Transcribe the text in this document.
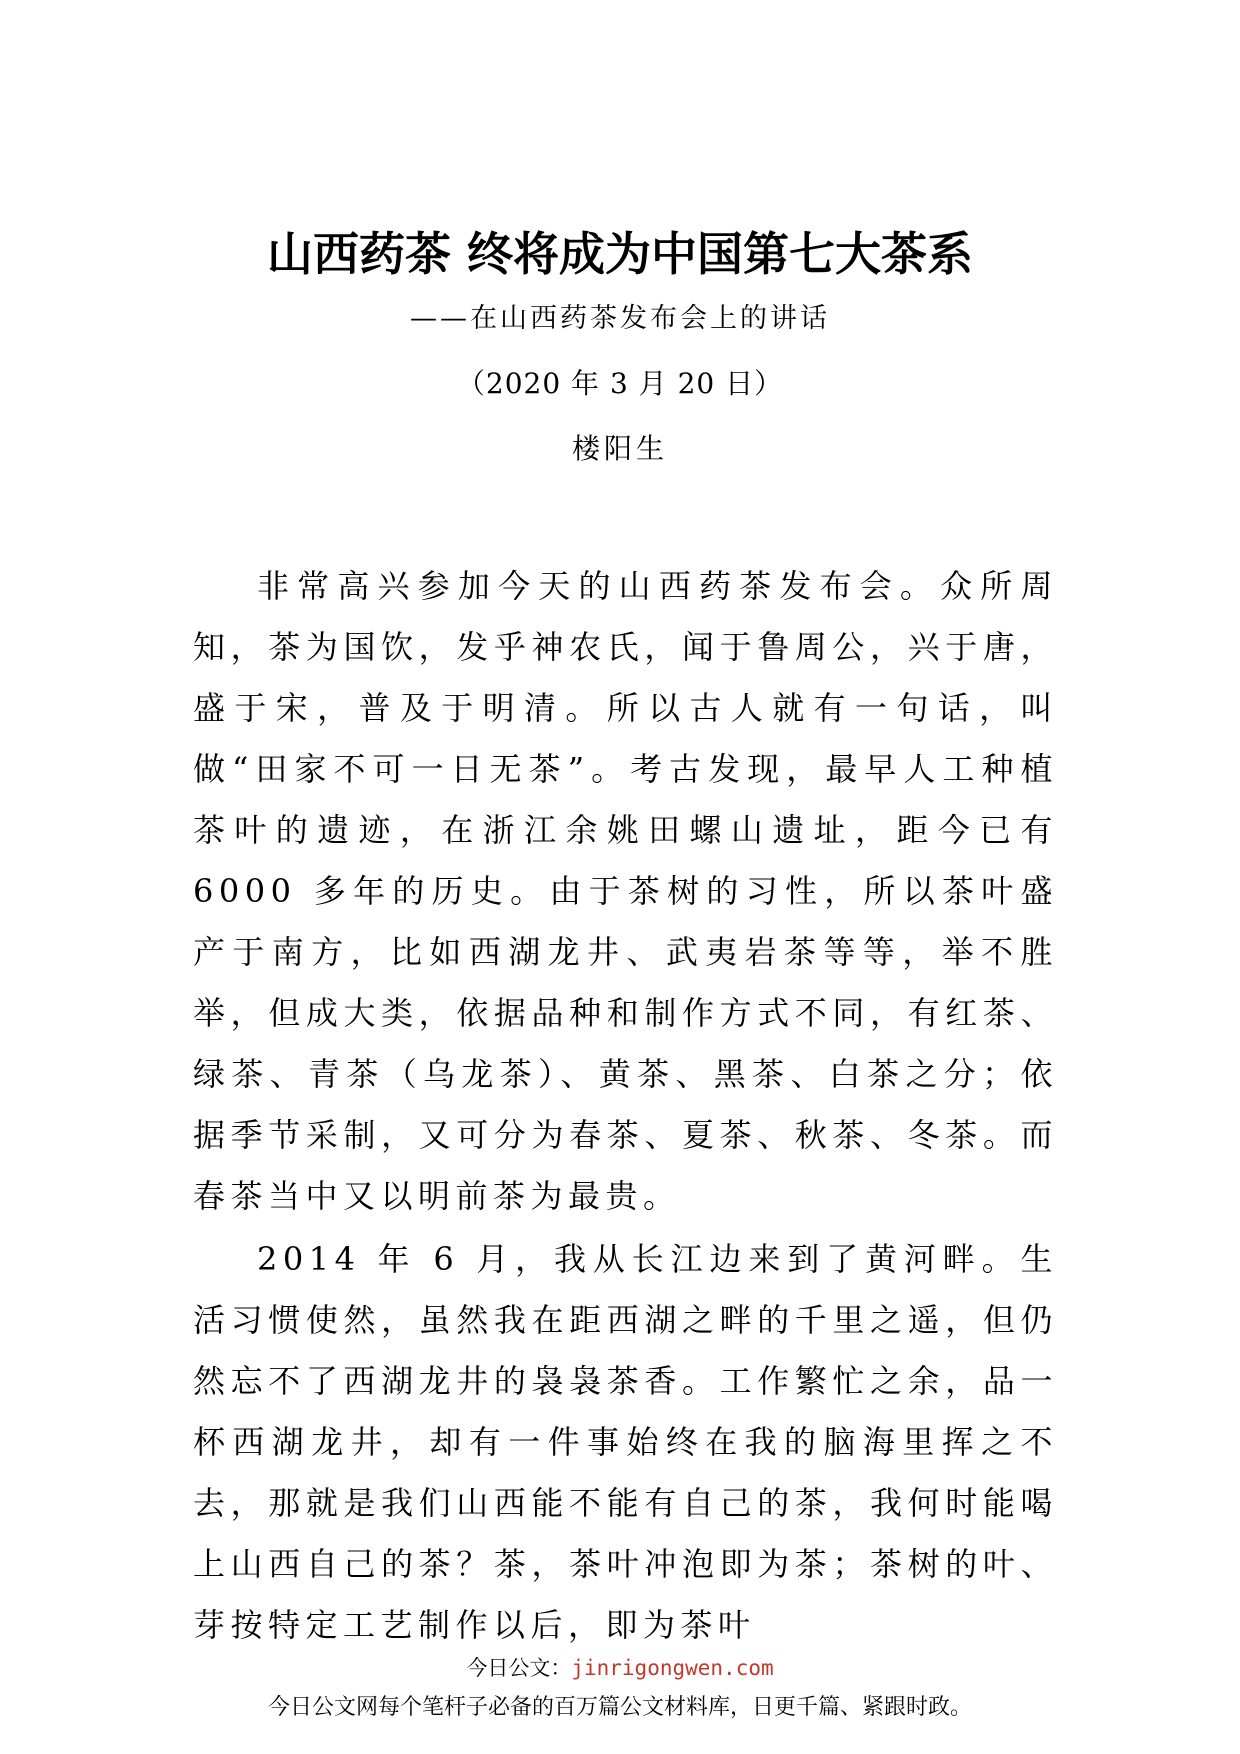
山西药茶 终将成为中国第七大茶系
——在山西药茶发布会上的讲话
（2020 年 3 月 20 日）
楼阳生

非常高兴参加今天的山西药茶发布会。众所周知，茶为国饮，发乎神农氏，闻于鲁周公，兴于唐，盛于宋，普及于明清。所以古人就有一句话，叫做“田家不可一日无茶”。考古发现，最早人工种植茶叶的遗迹，在浙江余姚田螺山遗址，距今已有 6000 多年的历史。由于茶树的习性，所以茶叶盛产于南方，比如西湖龙井、武夷岩茶等等，举不胜举，但成大类，依据品种和制作方式不同，有红茶、绿茶、青茶（乌龙茶）、黄茶、黑茶、白茶之分；依据季节采制，又可分为春茶、夏茶、秋茶、冬茶。而春茶当中又以明前茶为最贵。

2014 年 6 月，我从长江边来到了黄河畔。生活习惯使然，虽然我在距西湖之畔的千里之遥，但仍然忘不了西湖龙井的袅袅茶香。工作繁忙之余，品一杯西湖龙井，却有一件事始终在我的脑海里挥之不去，那就是我们山西能不能有自己的茶，我何时能喝上山西自己的茶？茶，茶叶冲泡即为茶；茶树的叶、芽按特定工艺制作以后，即为茶叶

今日公文：jinrigongwen.com
今日公文网每个笔杆子必备的百万篇公文材料库，日更千篇、紧跟时政。
